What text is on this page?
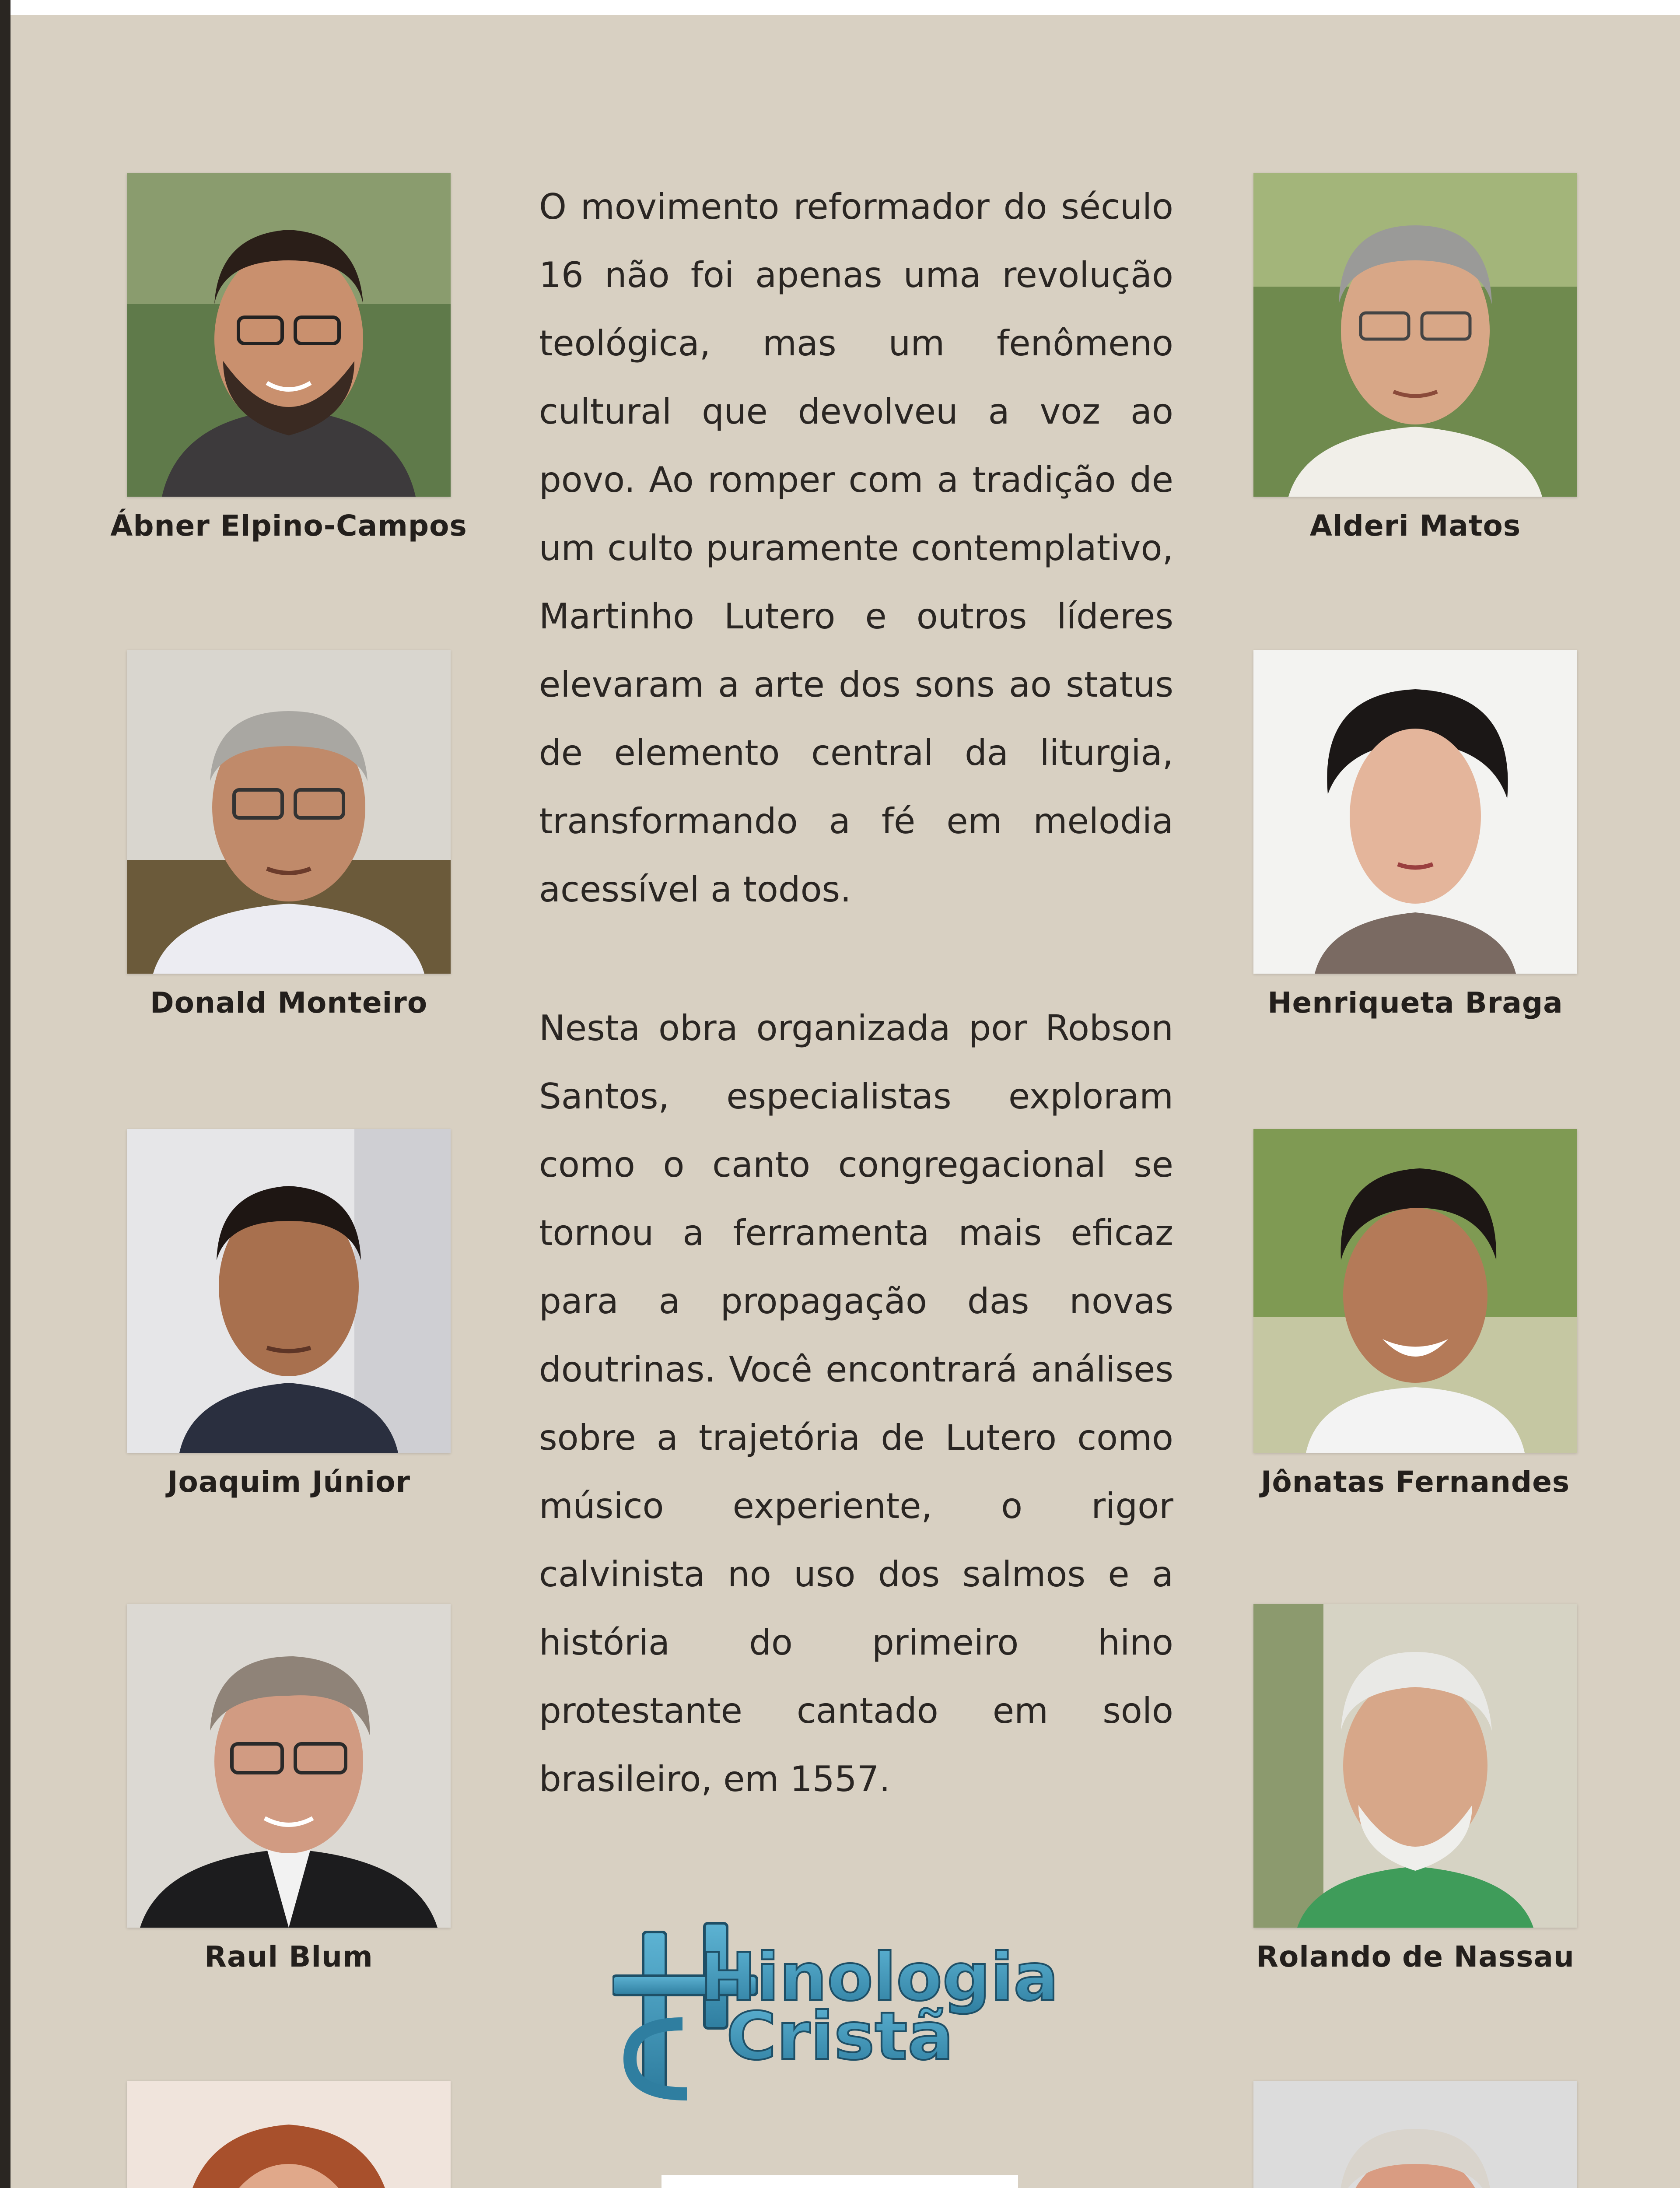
Ábner Elpino-Campos
Donald Monteiro
Joaquim Júnior
Raul Blum
Alderi Matos
Henriqueta Braga
Jônatas Fernandes
Rolando de Nassau

O movimento reformador do século 16 não foi apenas uma revolução teológica, mas um fenômeno cultural que devolveu a voz ao povo. Ao romper com a tradição de um culto puramente contemplativo, Martinho Lutero e outros líderes elevaram a arte dos sons ao status de elemento central da liturgia, transformando a fé em melodia acessível a todos.

Nesta obra organizada por Robson Santos, especialistas exploram como o canto congregacional se tornou a ferramenta mais eficaz para a propagação das novas doutrinas. Você encontrará análises sobre a trajetória de Lutero como músico experiente, o rigor calvinista no uso dos salmos e a história do primeiro hino protestante cantado em solo brasileiro, em 1557.

Hinologia
Cristã
